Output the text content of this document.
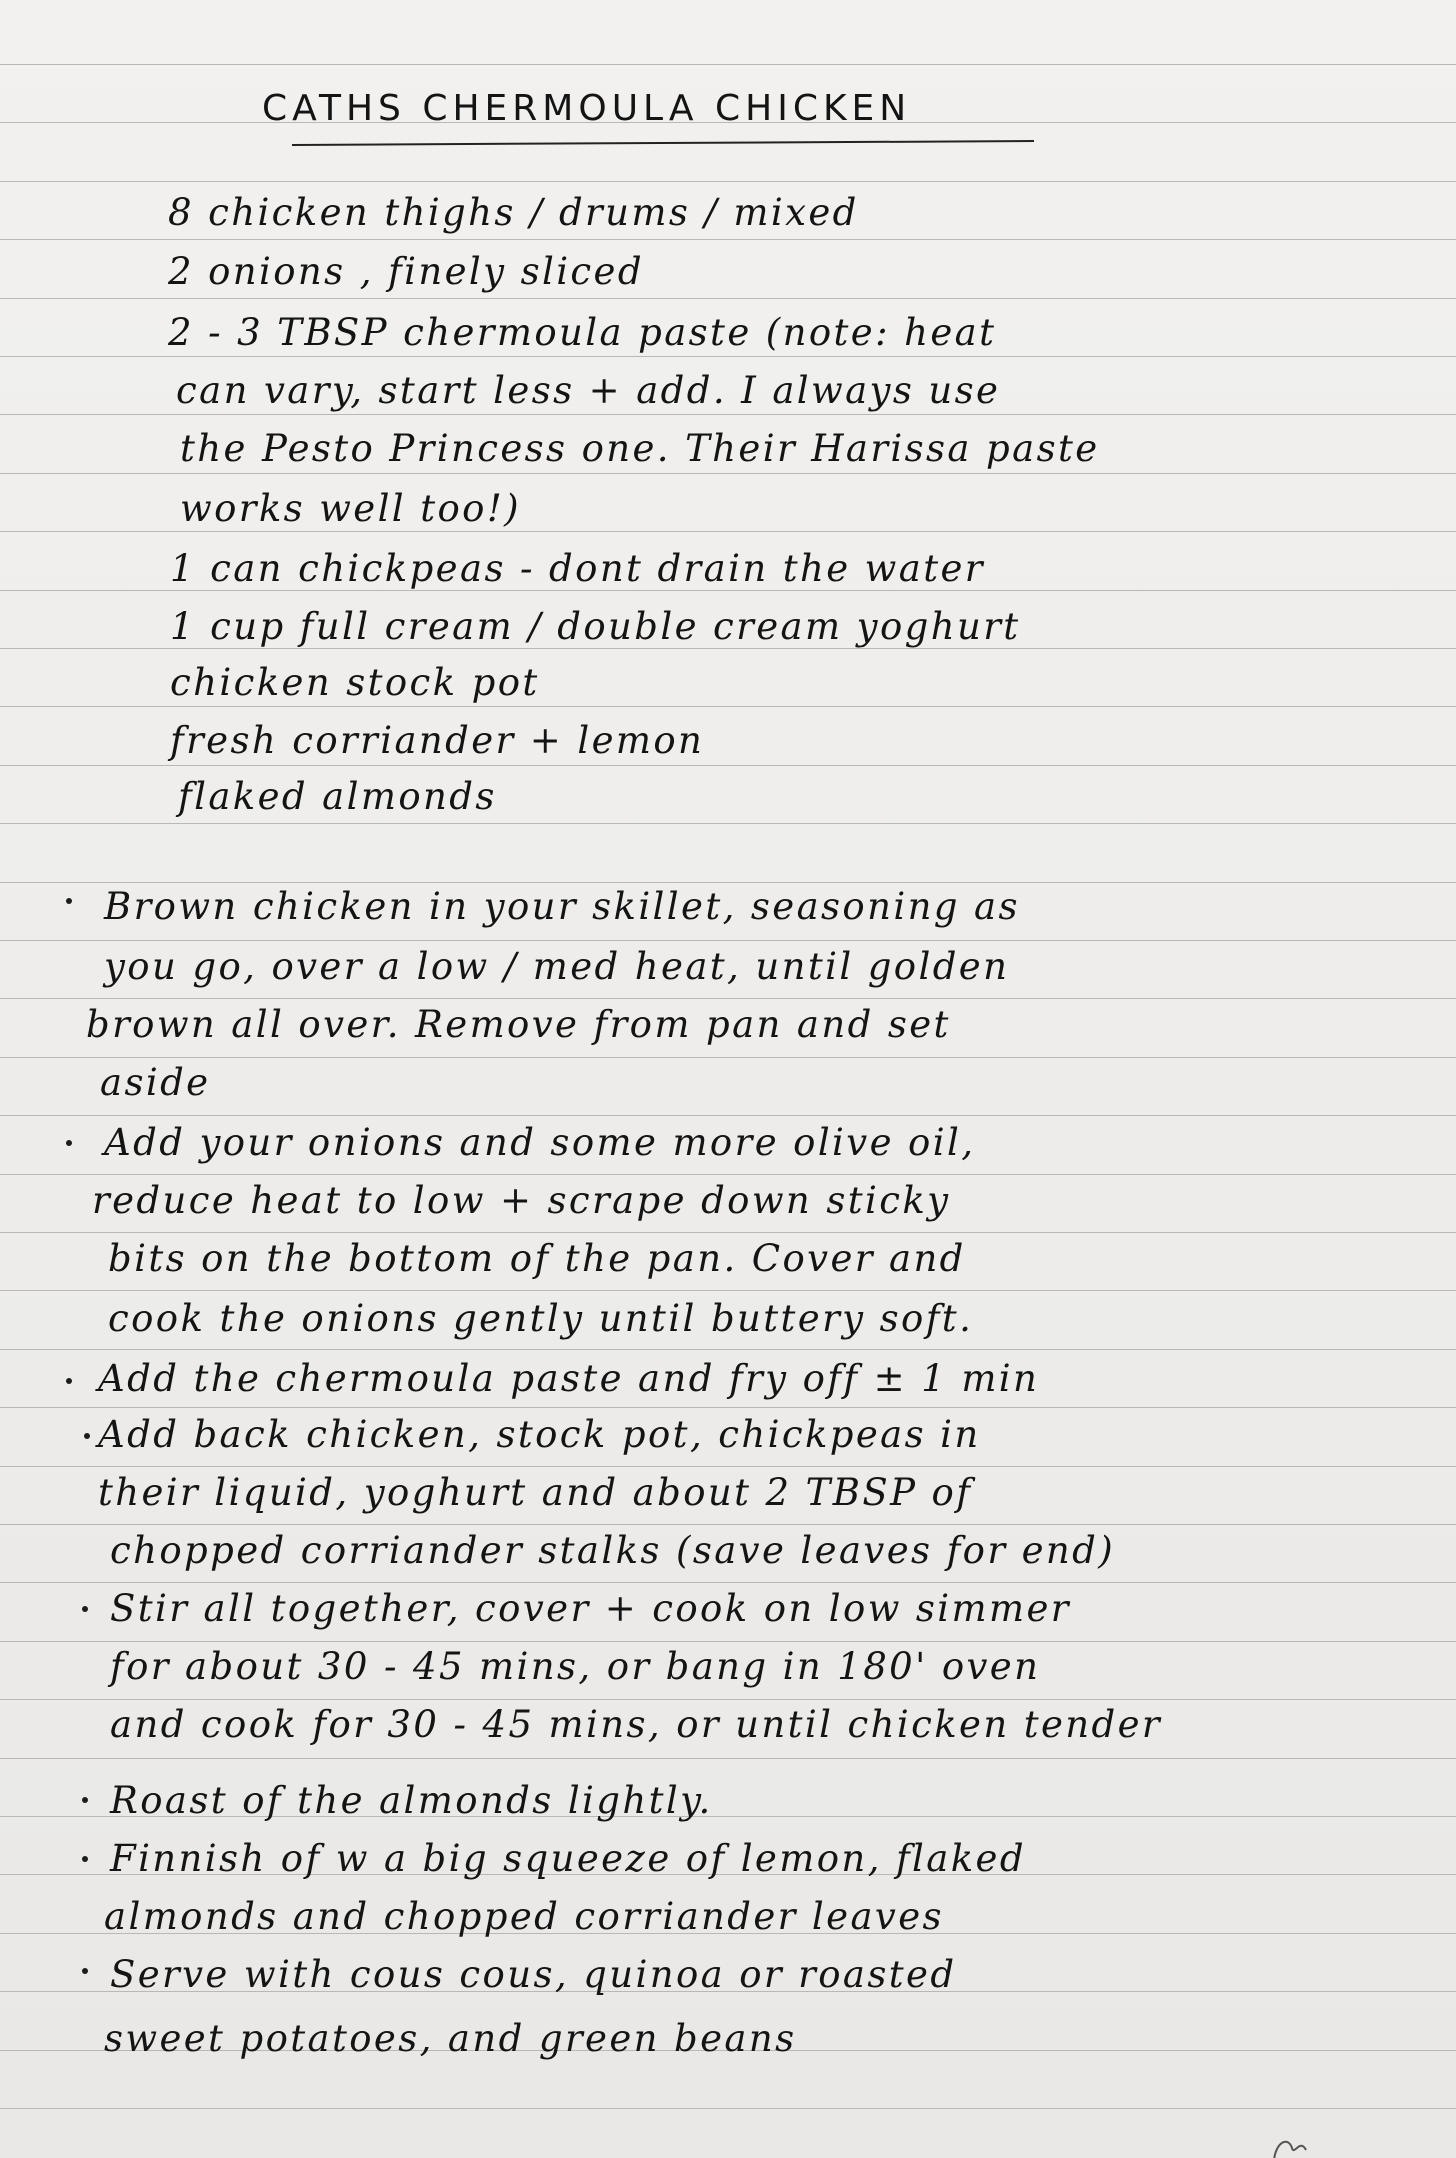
CATHS CHERMOULA CHICKEN
8 chicken thighs / drums / mixed
2 onions , finely sliced
2 - 3 TBSP chermoula paste (note: heat
can vary, start less + add. I always use
the Pesto Princess one. Their Harissa paste
works well too!)
1 can chickpeas - dont drain the water
1 cup full cream / double cream yoghurt
chicken stock pot
fresh corriander + lemon
flaked almonds
Brown chicken in your skillet, seasoning as
you go, over a low / med heat, until golden
brown all over. Remove from pan and set
aside
Add your onions and some more olive oil,
reduce heat to low + scrape down sticky
bits on the bottom of the pan. Cover and
cook the onions gently until buttery soft.
Add the chermoula paste and fry off ± 1 min
Add back chicken, stock pot, chickpeas in
their liquid, yoghurt and about 2 TBSP of
chopped corriander stalks (save leaves for end)
Stir all together, cover + cook on low simmer
for about 30 - 45 mins, or bang in 180' oven
and cook for 30 - 45 mins, or until chicken tender
Roast of the almonds lightly.
Finnish of w a big squeeze of lemon, flaked
almonds and chopped corriander leaves
Serve with cous cous, quinoa or roasted
sweet potatoes, and green beans
